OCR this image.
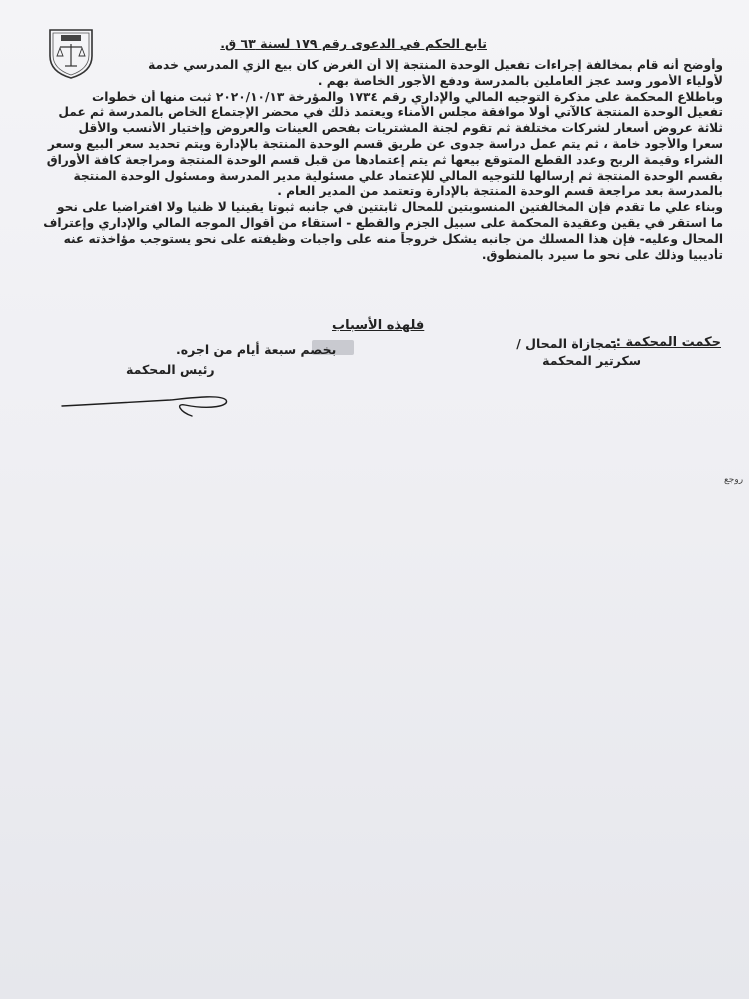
تابع الحكم في الدعوى رقم ١٧٩ لسنة ٦٣ ق.
وأوضح أنه قام بمخالفة إجراءات تفعيل الوحدة المنتجة إلا أن الغرض كان بيع الزي المدرسي خدمة
لأولياء الأمور وسد عجز العاملين بالمدرسة ودفع الأجور الخاصة بهم .
وباطلاع المحكمة على مذكرة التوجيه المالي والإداري رقم ١٧٣٤ والمؤرخة ٢٠٢٠/١٠/١٣ ثبت منها أن خطوات
تفعيل الوحدة المنتجة كالآتي أولا موافقة مجلس الأمناء ويعتمد ذلك في محضر الإجتماع الخاص بالمدرسة ثم عمل
ثلاثة عروض أسعار لشركات مختلفة ثم تقوم لجنة المشتريات بفحص العينات والعروض وإختيار الأنسب والأقل
سعرا والأجود خامة ، ثم يتم عمل دراسة جدوى عن طريق قسم الوحدة المنتجة بالإدارة ويتم تحديد سعر البيع وسعر
الشراء وقيمة الربح وعدد القطع المتوقع بيعها ثم يتم إعتمادها من قبل قسم الوحدة المنتجة ومراجعة كافة الأوراق
بقسم الوحدة المنتجة ثم إرسالها للتوجيه المالي للإعتماد علي مسئولية مدير المدرسة ومسئول الوحدة المنتجة
بالمدرسة بعد مراجعة قسم الوحدة المنتجة بالإدارة وتعتمد من المدير العام .
وبناء علي ما تقدم فإن المخالفتين المنسوبتين للمحال ثابتتين في جانبه ثبوتا يقينيا لا ظنيا ولا افتراضيا على نحو
ما استقر في يقين وعقيدة المحكمة على سبيل الجزم والقطع - استقاء من أقوال الموجه المالي والإداري وإعتراف
المحال وعليه- فإن هذا المسلك من جانبه يشكل خروجاً منه على واجبات وظيفته على نحو يستوجب مؤاخذته عنه
تأديبيا وذلك على نحو ما سيرد بالمنطوق.
فلهذه الأسباب
حكمت المحكمة :-
بمجازاة المحال /
بخصم سبعة أيام من اجره.
سكرتير المحكمة
رئيس المحكمة
روجع
